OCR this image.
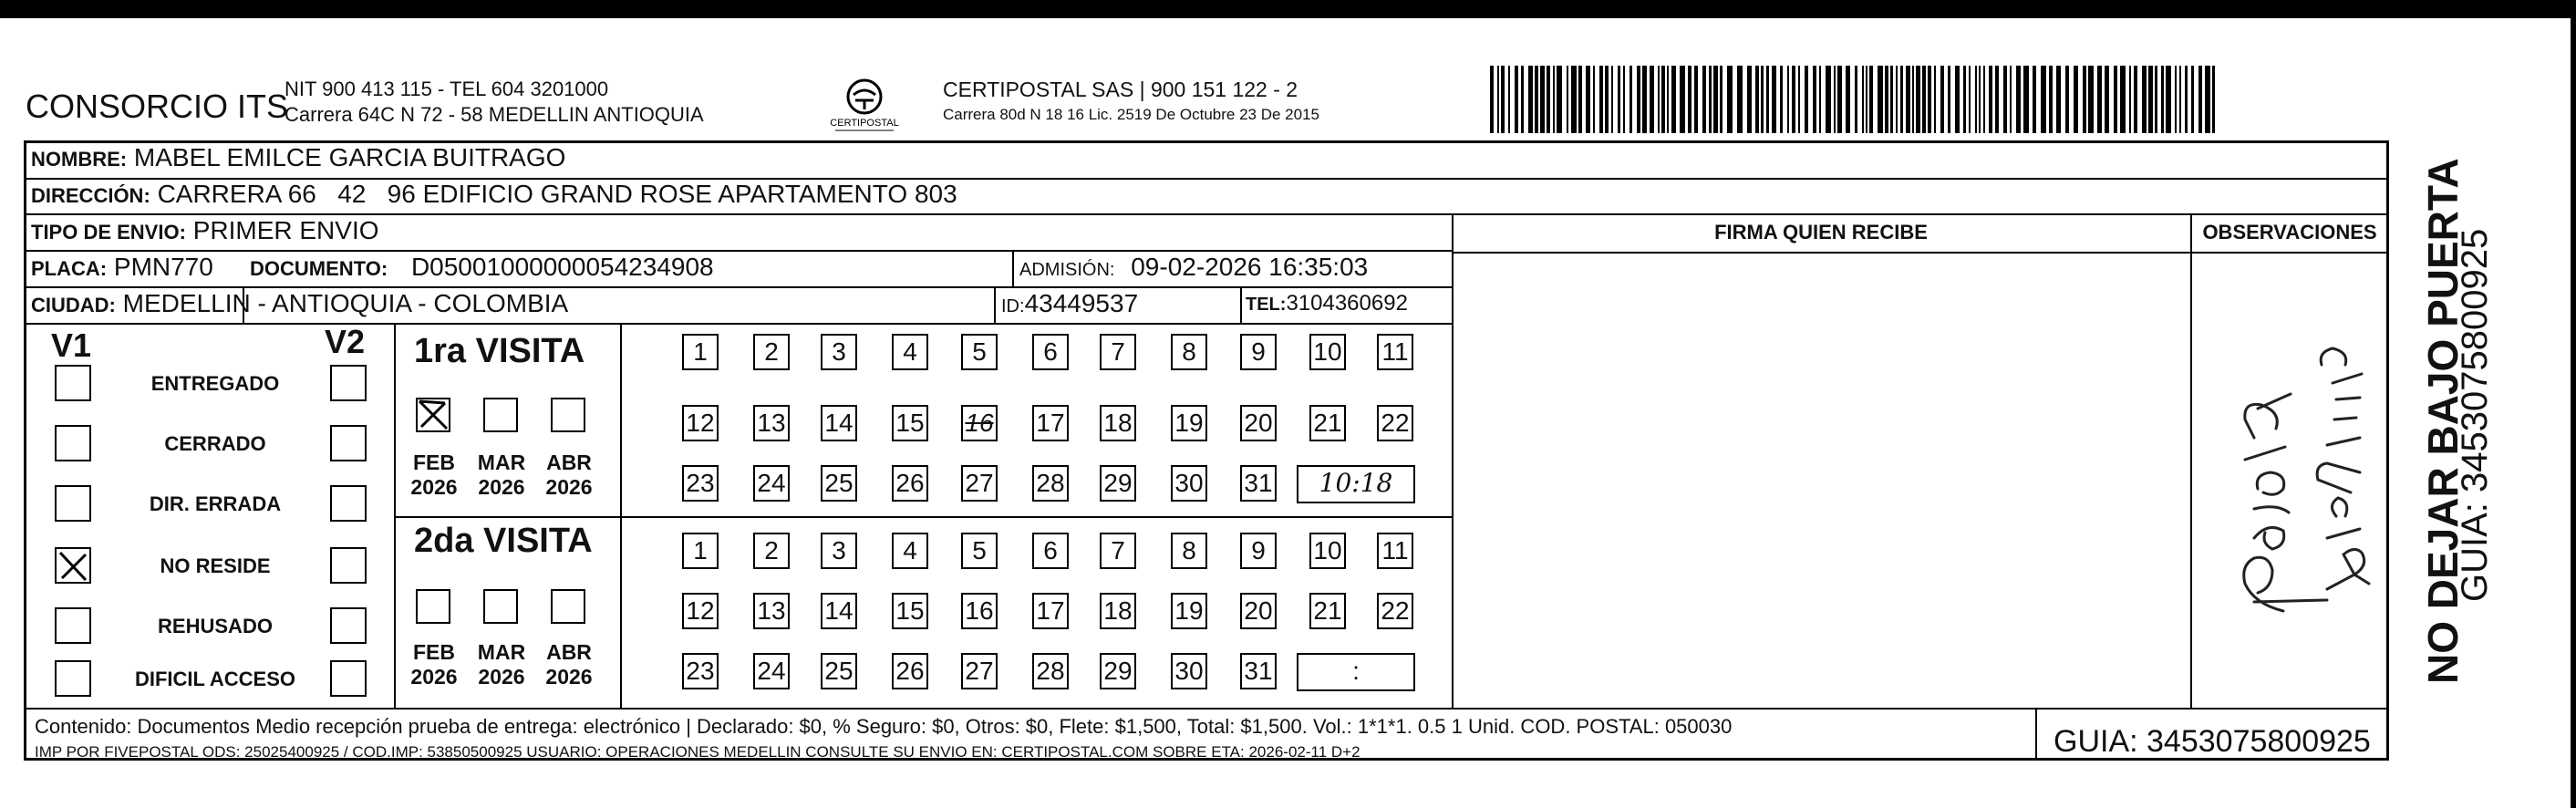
CONSORCIO ITS
NIT 900 413 115 - TEL 604 3201000
Carrera 64C N 72 - 58 MEDELLIN ANTIOQUIA	CERTIPOSTAL
CERTIPOSTAL SAS | 900 151 122 - 2
Carrera 80d N 18 16 Lic. 2519 De Octubre 23 De 2015
NOMBRE: MABEL EMILCE GARCIA BUITRAGO
DIRECCIÓN: CARRERA 66   42   96 EDIFICIO GRAND ROSE APARTAMENTO 803
TIPO DE ENVIO: PRIMER ENVIO	FIRMA QUIEN RECIBE	OBSERVACIONES
PLACA: PMN770 DOCUMENTO: D05001000000054234908	ADMISIÓN: 09-02-2026 16:35:03
CIUDAD: MEDELLIN - ANTIOQUIA - COLOMBIA	ID:43449537	TEL:3104360692
V1	V2
ENTREGADO
CERRADO
DIR. ERRADA
NO RESIDE
REHUSADO
DIFICIL ACCESO
1ra VISITA
2da VISITA
FEB
2026
MAR
2026
ABR
2026
1	2	3	4	5	6	7	8	9	10 11
12 13 14 15 16 17 18 19 20 21 22
23 24 25 26 27 28 29 30 31	10:18
FEB
2026
MAR
2026
ABR
2026
1	2	3	4	5	6	7	8	9	10 11
12 13 14 15 16 17 18 19 20 21 22
23 24 25 26 27 28 29 30 31	:
Contenido: Documentos Medio recepción prueba de entrega: electrónico | Declarado: $0, % Seguro: $0, Otros: $0, Flete: $1,500, Total: $1,500. Vol.: 1*1*1. 0.5 1 Unid. COD. POSTAL: 050030
IMP POR FIVEPOSTAL ODS: 25025400925 / COD.IMP: 53850500925 USUARIO: OPERACIONES MEDELLIN CONSULTE SU ENVIO EN: CERTIPOSTAL.COM SOBRE ETA: 2026-02-11 D+2	GUIA: 3453075800925
NO DEJAR BAJO PUERTA
GUIA: 3453075800925
